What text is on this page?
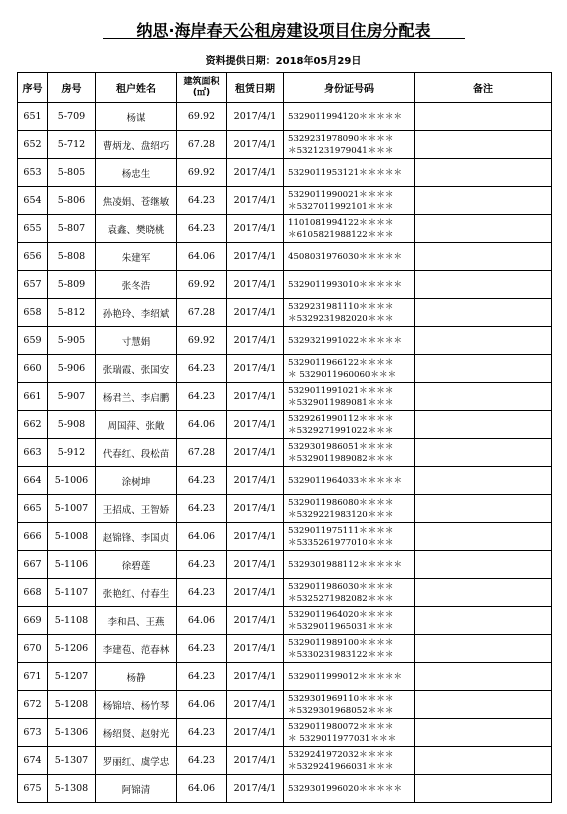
纳思·海岸春天公租房建设项目住房分配表
资料提供日期：2018年05月29日
序号	房号	租户姓名	建筑面积
(㎡)	租赁日期	身份证号码	备注
651	5-709	杨谋	69.92	2017/4/1	5329011994120＊＊＊＊＊	

652	5-712	曹炳龙、盘绍巧	67.28	2017/4/1	5329231978090＊＊＊＊
＊5321231979041＊＊＊	

653	5-805	杨忠生	69.92	2017/4/1	5329011953121＊＊＊＊＊	

654	5-806	焦凌娟、苍继敏	64.23	2017/4/1	5329011990021＊＊＊＊
＊5327011992101＊＊＊	

655	5-807	袁鑫、樊晓桃	64.23	2017/4/1	1101081994122＊＊＊＊
＊6105821988122＊＊＊	

656	5-808	朱建军	64.06	2017/4/1	4508031976030＊＊＊＊＊	

657	5-809	张冬浩	69.92	2017/4/1	5329011993010＊＊＊＊＊	

658	5-812	孙艳玲、李绍斌	67.28	2017/4/1	5329231981110＊＊＊＊
＊5329231982020＊＊＊	

659	5-905	寸慧娟	69.92	2017/4/1	5329321991022＊＊＊＊＊	

660	5-906	张瑞霞、张国安	64.23	2017/4/1	5329011966122＊＊＊＊
＊ 5329011960060＊＊＊	

661	5-907	杨君兰、李启鹏	64.23	2017/4/1	5329011991021＊＊＊＊
＊5329011989081＊＊＊	

662	5-908	周国萍、张敞	64.06	2017/4/1	5329261990112＊＊＊＊
＊5329271991022＊＊＊	

663	5-912	代春红、段松苗	67.28	2017/4/1	5329301986051＊＊＊＊
＊5329011989082＊＊＊	

664	5-1006	涂树坤	64.23	2017/4/1	5329011964033＊＊＊＊＊	

665	5-1007	王招成、王智娇	64.23	2017/4/1	5329011986080＊＊＊＊
＊5329221983120＊＊＊	

666	5-1008	赵锦锋、李国贞	64.06	2017/4/1	5329011975111＊＊＊＊
＊5335261977010＊＊＊	

667	5-1106	徐碧莲	64.23	2017/4/1	5329301988112＊＊＊＊＊	

668	5-1107	张艳红、付春生	64.23	2017/4/1	5329011986030＊＊＊＊
＊5325271982082＊＊＊	

669	5-1108	李和昌、王燕	64.06	2017/4/1	5329011964020＊＊＊＊
＊5329011965031＊＊＊	

670	5-1206	李建苞、范春林	64.23	2017/4/1	5329011989100＊＊＊＊
＊5330231983122＊＊＊	

671	5-1207	杨静	64.23	2017/4/1	5329011999012＊＊＊＊＊	

672	5-1208	杨锦培、杨竹琴	64.06	2017/4/1	5329301969110＊＊＊＊
＊5329301968052＊＊＊	

673	5-1306	杨绍贤、赵射光	64.23	2017/4/1	5329011980072＊＊＊＊
＊ 5329011977031＊＊＊	

674	5-1307	罗丽红、虞学忠	64.23	2017/4/1	5329241972032＊＊＊＊
＊5329241966031＊＊＊	

675	5-1308	阿锦清	64.06	2017/4/1	5329301996020＊＊＊＊＊	
